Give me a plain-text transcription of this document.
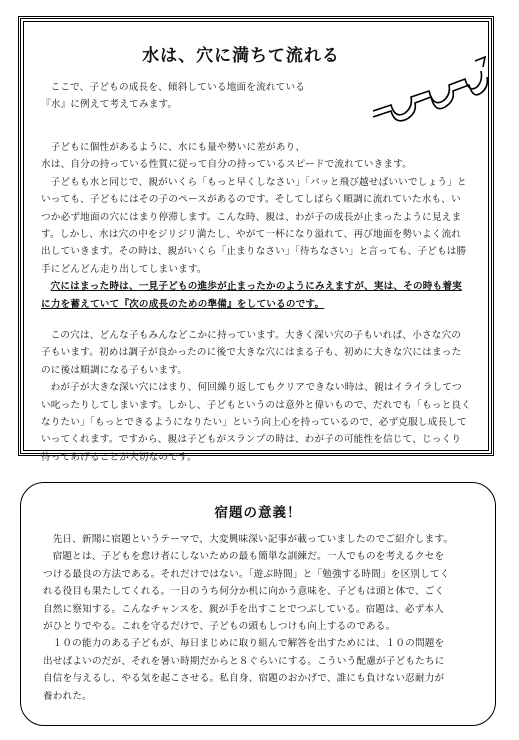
水は、穴に満ちて流れる

ここで、子どもの成長を、傾斜している地面を流れている

『水』に例えて考えてみます。

子どもに個性があるように、水にも量や勢いに差があり、

水は、自分の持っている性質に従って自分の持っているスピードで流れていきます。

子どもも水と同じで、親がいくら「もっと早くしなさい」「パッと飛び越せばいいでしょう」と

いっても、子どもにはその子のペースがあるのです。そしてしばらく順調に流れていた水も、い

つか必ず地面の穴にはまり停滞します。こんな時、親は、わが子の成長が止まったように見えま

す。しかし、水は穴の中をジリジリ満たし、やがて一杯になり溢れて、再び地面を勢いよく流れ

出していきます。その時は、親がいくら「止まりなさい」「待ちなさい」と言っても、子どもは勝

手にどんどん走り出してしまいます。

穴にはまった時は、一見子どもの進歩が止まったかのようにみえますが、実は、その時も着実

に力を蓄えていて『次の成長のための準備』をしているのです。

この穴は、どんな子もみんなどこかに持っています。大きく深い穴の子もいれば、小さな穴の

子もいます。初めは調子が良かったのに後で大きな穴にはまる子も、初めに大きな穴にはまった

のに後は順調になる子もいます。

わが子が大きな深い穴にはまり、何回繰り返してもクリアできない時は、親はイライラしてつ

い叱ったりしてしまいます。しかし、子どもというのは意外と偉いもので、だれでも「もっと良く

なりたい」「もっとできるようになりたい」という向上心を持っているので、必ず克服し成長して

いってくれます。ですから、親は子どもがスランプの時は、わが子の可能性を信じて、じっくり

待ってあげることが大切なのです。

宿題の意義！

先日、新聞に宿題というテーマで、大変興味深い記事が載っていましたのでご紹介します。

宿題とは、子どもを怠け者にしないための最も簡単な訓練だ。一人でものを考えるクセを

つける最良の方法である。それだけではない。「遊ぶ時間」と「勉強する時間」を区別してく

れる役目も果たしてくれる。一日のうち何分か机に向かう意味を、子どもは頭と体で、ごく

自然に察知する。こんなチャンスを、親が手を出すことでつぶしている。宿題は、必ず本人

がひとりでやる。これを守るだけで、子どもの頭もしつけも向上するのである。

１０の能力のある子どもが、毎日まじめに取り組んで解答を出すためには、１０の問題を

出せばよいのだが、それを暑い時期だからと８ぐらいにする。こういう配慮が子どもたちに

自信を与えるし、やる気を起こさせる。私自身、宿題のおかげで、誰にも負けない忍耐力が

養われた。
